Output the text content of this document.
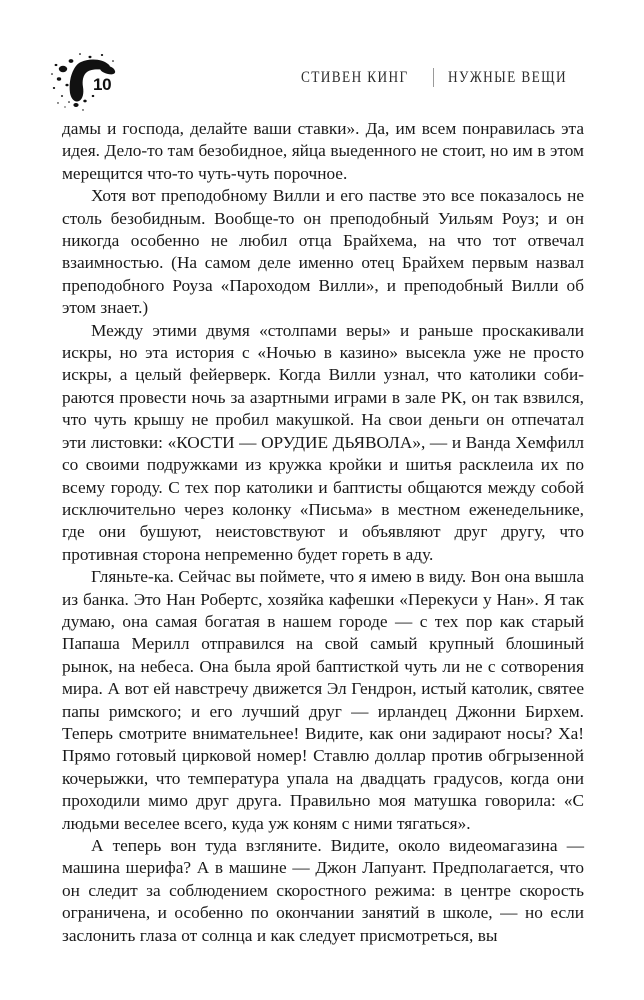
10	СТИВЕН КИНГ НУЖНЫЕ ВЕЩИ

дамы и господа, делайте ваши ставки». Да, им всем понравилась эта идея. Дело-то там безобидное, яйца выеденного не стоит, но им в этом мерещится что-то чуть-чуть порочное.

Хотя вот преподобному Вилли и его пастве это все показалось не столь безобидным. Вообще-то он преподобный Уильям Роуз; и он никогда особенно не любил отца Брайхема, на что тот отвечал взаимностью. (На самом деле именно отец Брайхем первым назвал преподобного Роуза «Пароходом Вилли», и преподобный Вилли об этом знает.)

Между этими двумя «столпами веры» и раньше проскакивали искры, но эта история с «Ночью в казино» высекла уже не просто искры, а целый фейерверк. Когда Вилли узнал, что католики собираются провести ночь за азартными играми в зале РК, он так взвился, что чуть крышу не пробил макушкой. На свои деньги он отпечатал эти листовки: «КОСТИ — ОРУДИЕ ДЬЯВОЛА», — и Ванда Хемфилл со своими подружками из кружка кройки и шитья расклеила их по всему городу. С тех пор католики и баптисты общаются между собой исключительно через колонку «Письма» в местном еженедельнике, где они бушуют, неистовствуют и объявляют друг другу, что противная сторона непременно будет гореть в аду.

Гляньте-ка. Сейчас вы поймете, что я имею в виду. Вон она вышла из банка. Это Нан Робертс, хозяйка кафешки «Перекуси у Нан». Я так думаю, она самая богатая в нашем городе — с тех пор как старый Папаша Мерилл отправился на свой самый крупный блошиный рынок, на небеса. Она была ярой баптисткой чуть ли не с сотворения мира. А вот ей навстречу движется Эл Гендрон, истый католик, святее папы римского; и его лучший друг — ирландец Джонни Бирхем. Теперь смотрите внимательнее! Видите, как они задирают носы? Ха! Прямо готовый цирковой номер! Ставлю доллар против обгрызенной кочерыжки, что температура упала на двадцать градусов, когда они проходили мимо друг друга. Правильно моя матушка говорила: «С людьми веселее всего, куда уж коням с ними тягаться».

А теперь вон туда взгляните. Видите, около видеомагазина — машина шерифа? А в машине — Джон Лапуант. Предполагается, что он следит за соблюдением скоростного режима: в центре скорость ограничена, и особенно по окончании занятий в школе, — но если заслонить глаза от солнца и как следует присмотреться, вы
